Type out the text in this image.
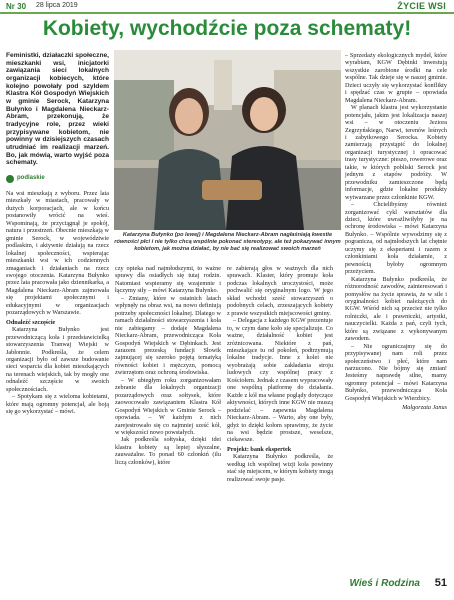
Nr 30 28 lipca 2019	ŻYCIE WSI
Kobiety, wychodźcie poza schematy!
Feministki, działaczki społeczne, mieszkanki wsi, inicjatorki zawiązania sieci lokalnych organizacji kobiecych, które kolejno powołały pod szyldem Klastra Kół Gospodyń Wiejskich w gminie Serock, Katarzyna Bułynko i Magdalena Nieckarz-Abram, przekonują, że tradycyjne role, przez wieki przypisywane kobietom, nie powinny w dzisiejszych czasach utrudniać im realizacji marzeń. Bo, jak mówią, warto wyjść poza schematy.
podlaskie
Katarzyna Bułynko (po lewej) i Magdalena Nieckarz-Abram nagłaśniają kwestie równości płci i nie tylko chcą wspólnie pokonać stereotypy, ale też pokazywać innym kobietom, jak można działać, by nie bać się realizować swoich marzeń

Na wsi mieszkają z wyboru. Przez lata mieszkały w miastach, pracowały w dużych korporacjach, ale w końcu postanowiły wrócić na wieś. Wspominają, że przyciągnął je spokój, natura i przestrzeń. Obecnie mieszkają w gminie Serock, w województwie podlaskim, i aktywnie działają na rzecz lokalnej społeczności, wspierając mieszkanki wsi w ich codziennych zmaganiach i działaniach na rzecz swojego otoczenia. Katarzyna Bułynko przez lata pracowała jako dziennikarka, a Magdalena Nieckarz-Abram zajmowała się projektami społecznymi i edukacyjnymi w organizacjach pozarządowych w Warszawie.

Odnaleźć szczęście

Katarzyna Bułynko jest przewodniczącą koła i przedstawicielką stowarzyszenia Tranwaj Wiejski w Jabłonnie. Podkreśla, że celem organizacji było od zawsze budowanie sieci wsparcia dla kobiet mieszkających na terenach wiejskich, tak by mogły one odnaleźć szczęście w swoich społecznościach.

– Spotykam się z wieloma kobietami, które mają ogromny potencjał, ale boją się go wykorzystać – mówi.

czy opieka nad najmłodszymi, to ważne sprawy dla osiadłych się tutaj rodzin. Natomiast wspieramy się wzajemnie i łączymy siły – mówi Katarzyna Bułynko.

– Zmiany, które w ostatnich latach wpłynęły na obraz wsi, na nowo definiują potrzeby społeczności lokalnej. Dlatego w ramach działalności stowarzyszenia i koła nie zabiegamy – dodaje Magdalena Nieckarz-Abram, przewodnicząca Koła Gospodyń Wiejskich w Dębinkach. Jest zarazem prezeską fundacji Słowik zajmującej się szeroko pojętą tematyką równości kobiet i mężczyzn, pomocą zwierzętom oraz ochroną środowiska.

– W ubiegłym roku zorganizowałam zebranie dla lokalnych organizacji pozarządowych oraz sołtysek, które zaowocowało zawiązaniem Klastra Kół Gospodyń Wiejskich w Gminie Serock – opowiada. – W każdym z nich zarejestrowało się co najmniej sześć kół, w większości nowo powstałych.

Jak podkreśla sołtyska, dzięki idei klastra kobiety są lepiej słyszalne, zauważalne. To ponad 60 członkiń (ilu liczą członków), które

re zabierają głos w ważnych dla nich sprawach. Klaster, który promuje koła podczas lokalnych uroczystości, może pochwalić się oryginalnym logo. W jego skład wchodzi sześć stowarzyszeń o podobnych celach, zrzeszających kobiety z prawie wszystkich miejscowości gminy.

– Delegacja z każdego KGW prezentuje to, w czym dane koło się specjalizuje. Co ważne, działalność kobiet jest zróżnicowana. Niektóre z pań, mieszkające tu od pokoleń, podtrzymują lokalne tradycje. Inne z kolei nie wyobrażają sobie zakładania stroju ludowych czy wspólnej pracy z Kościołem. Jednak z czasem wypracowały one wspólną platformę do działania. Każde z kół ma własne poglądy dotyczące aktywności, których inne KGW nie muszą podzielać – zapewnia Magdalena Nieckarz-Abram. – Warto, aby one były, gdyż to dzięki kołom sprawimy, że życie na wsi będzie prostsze, weselsze, ciekawsze.

Projekt: bank ekspertek

Katarzyna Bułynko podkreśla, że według ich wspólnej wizji koła powinny stać się miejscem, w którym kobiety mogą realizować swoje pasje.

– Sprzedaży ekologicznych mydeł, które wyrabiam, KGW Dębinki inwestują wszystkie zarobione środki na cele wspólne. Tak dzieje się w naszej gminie. Dzieci uczyły się wykorzystać konflikty i spędzać czas w grupie – opowiada Magdalena Nieckarz-Abram.

W planach klastra jest wykorzystanie potencjału, jakim jest lokalizacja naszej wsi – w otoczeniu Jeziora Zegrzyńskiego, Narwi, terenów leśnych i zabytkowego Serocka. Kobiety zamierzają przystąpić do lokalnej organizacji turystycznej i opracować trasy turystyczne: pieszo, rowerowe oraz takie, w których pobliski Serock jest jednym z etapów podróży. W przewodniku zamieszczone będą informacje, gdzie lokalne produkty wytwarzane przez członkinie KGW.

– Chcielibyśmy również zorganizować cykl warsztatów dla dzieci, które uwrażliwiłyby je na ochronę środowiska – mówi Katarzyna Bułynko. – Wspólnie wywodzimy się z pogranicza, od najmłodszych lat chętnie uczymy się z ekspertami i razem z członkiniami koła działamie, z pewnością byłoby ogromnym przeżyciem.

Katarzyna Bułynko podkreśla, że różnorodność zawodów, zainteresowań i pomysłów na życie sprawia, że w sile i oryginalności kobiet należących do KGW. Wśród nich są przecież nie tylko rolniczki, ale i prawniczki, artystki, nauczycielki. Każda z pań, czyli tych, które są związane z wykonywanym zawodem.

– Nie ograniczajmy się do przypisywanej nam roli przez społeczeństwo i płeć, które nam narzucono. Nie bójmy się zmian! Jesteśmy naprawdę silne, mamy ogromny potencjał – mówi Katarzyna Bułynko, przewodnicząca Koła Gospodyń Wiejskich w Wierzbicy.

Małgorzata Janus
Wieś i Rodzina 51
